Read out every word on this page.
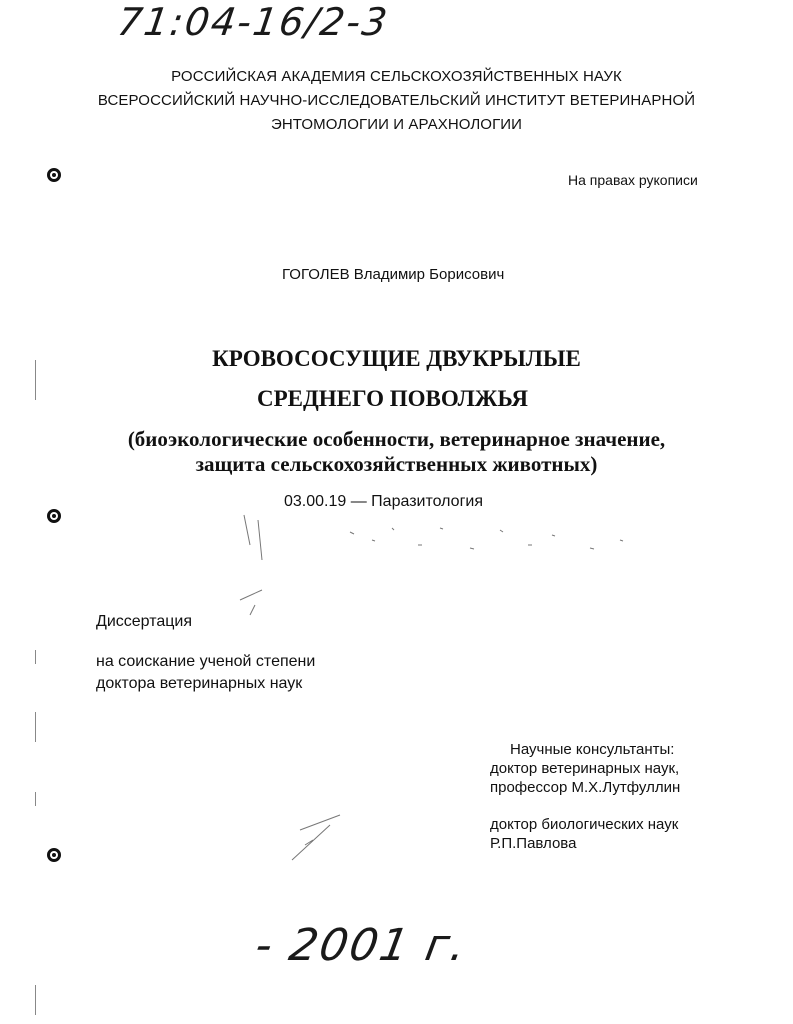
71:04-16/2-3
РОССИЙСКАЯ АКАДЕМИЯ СЕЛЬСКОХОЗЯЙСТВЕННЫХ НАУК
ВСЕРОССИЙСКИЙ НАУЧНО-ИССЛЕДОВАТЕЛЬСКИЙ ИНСТИТУТ ВЕТЕРИНАРНОЙ
ЭНТОМОЛОГИИ И АРАХНОЛОГИИ
На правах рукописи
ГОГОЛЕВ Владимир Борисович
КРОВОСОСУЩИЕ ДВУКРЫЛЫЕ
СРЕДНЕГО ПОВОЛЖЬЯ
(биоэкологические особенности, ветеринарное значение,
защита сельскохозяйственных животных)
03.00.19 — Паразитология
Диссертация
на соискание ученой степени
доктора ветеринарных наук
Научные консультанты:
доктор ветеринарных наук,
профессор М.Х.Лутфуллин
доктор биологических наук
Р.П.Павлова
- 2001 г.
